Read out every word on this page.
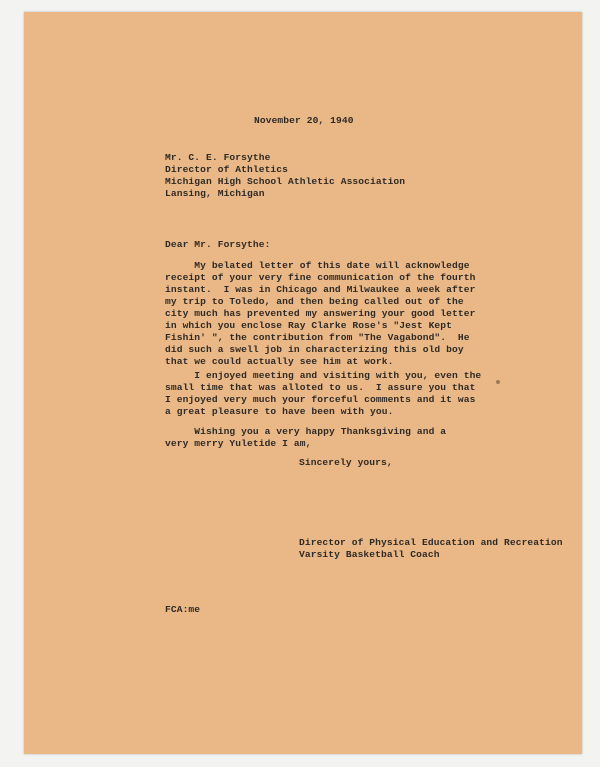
November 20, 1940
Mr. C. E. Forsythe
Director of Athletics
Michigan High School Athletic Association
Lansing, Michigan
Dear Mr. Forsythe:
My belated letter of this date will acknowledge
receipt of your very fine communication of the fourth
instant.  I was in Chicago and Milwaukee a week after
my trip to Toledo, and then being called out of the
city much has prevented my answering your good letter
in which you enclose Ray Clarke Rose's "Jest Kept
Fishin' ", the contribution from "The Vagabond".  He
did such a swell job in characterizing this old boy
that we could actually see him at work.
I enjoyed meeting and visiting with you, even the
small time that was alloted to us.  I assure you that
I enjoyed very much your forceful comments and it was
a great pleasure to have been with you.
Wishing you a very happy Thanksgiving and a
very merry Yuletide I am,
Sincerely yours,
Director of Physical Education and Recreation
Varsity Basketball Coach
FCA:me
